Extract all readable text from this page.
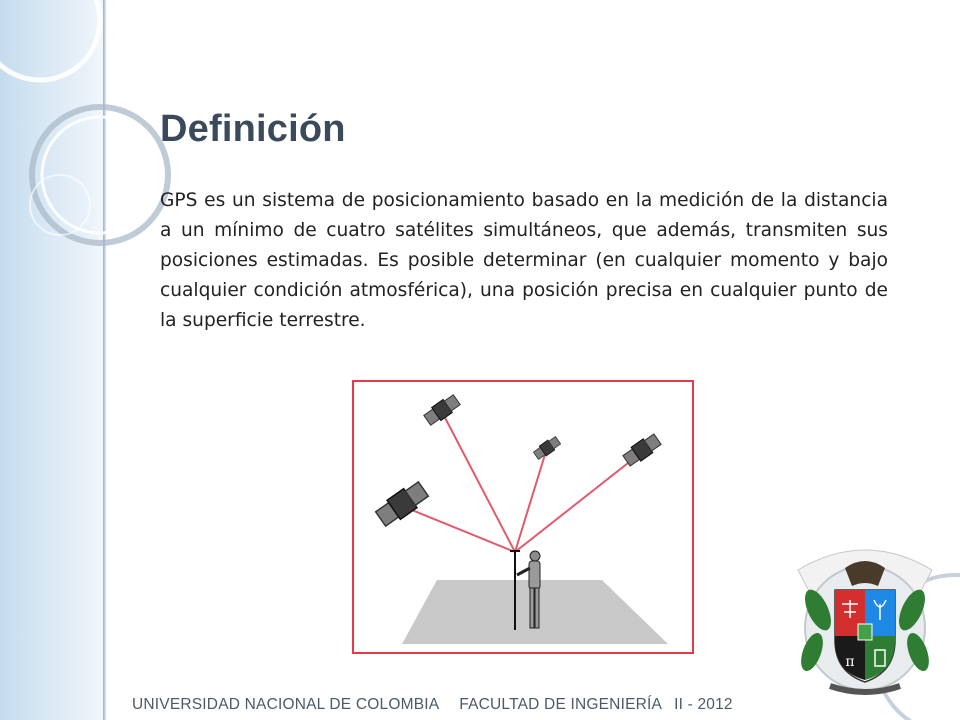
Definición

GPS es un sistema de posicionamiento basado en la medición de la distancia a un mínimo de cuatro satélites simultáneos, que además, transmiten sus posiciones estimadas. Es posible determinar (en cualquier momento y bajo cualquier condición atmosférica), una posición precisa en cualquier punto de la superficie terrestre.

π
UNIVERSIDAD NACIONAL DE COLOMBIA FACULTAD DE INGENIERÍA II - 2012
